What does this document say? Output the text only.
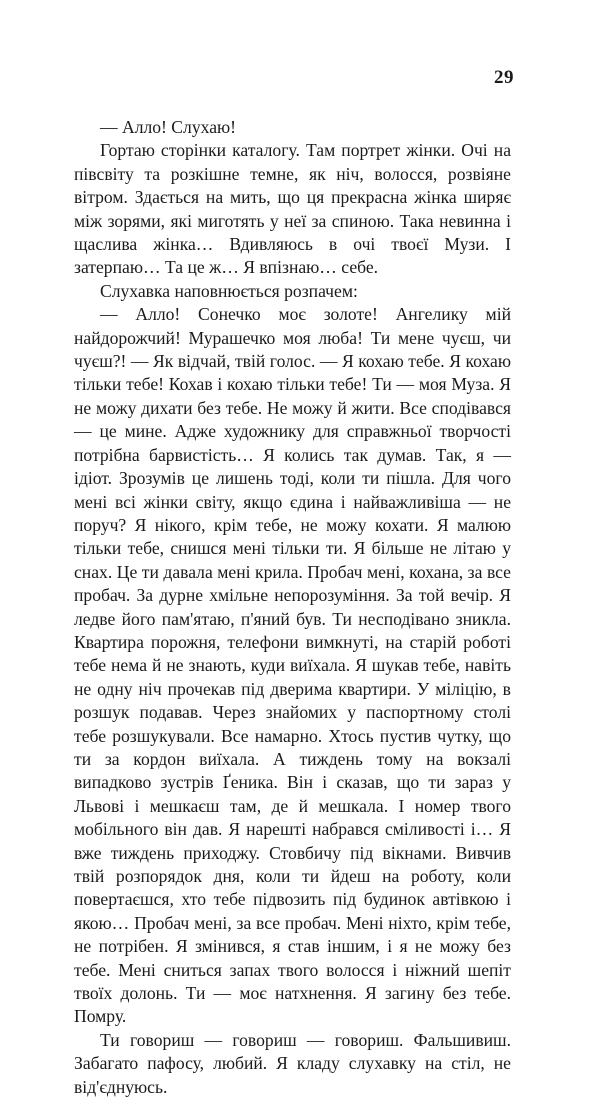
29

— Алло! Слухаю!

Гортаю сторінки каталогу. Там портрет жінки. Очі на півсвіту та розкішне темне, як ніч, волосся, розвіяне вітром. Здається на мить, що ця прекрасна жінка ширяє між зорями, які миготять у неї за спиною. Така невинна і щаслива жінка… Вдивляюсь в очі твоєї Музи. І затерпаю… Та це ж… Я впізнаю… себе.

Слухавка наповнюється розпачем:

— Алло! Сонечко моє золоте! Ангелику мій найдорожчий! Мурашечко моя люба! Ти мене чуєш, чи чуєш?! — Як відчай, твій голос. — Я кохаю тебе. Я кохаю тільки тебе! Кохав і кохаю тільки тебе! Ти — моя Муза. Я не можу дихати без тебе. Не можу й жити. Все сподівався — це мине. Адже художнику для справжньої творчості потрібна барвистість… Я колись так думав. Так, я — ідіот. Зрозумів це лишень тоді, коли ти пішла. Для чого мені всі жінки світу, якщо єдина і найважливіша — не поруч? Я нікого, крім тебе, не можу кохати. Я малюю тільки тебе, снишся мені тільки ти. Я більше не літаю у снах. Це ти давала мені крила. Пробач мені, кохана, за все пробач. За дурне хмільне непорозуміння. За той вечір. Я ледве його пам'ятаю, п'яний був. Ти несподівано зникла. Квартира порожня, телефони вимкнуті, на старій роботі тебе нема й не знають, куди виїхала. Я шукав тебе, навіть не одну ніч прочекав під дверима квартири. У міліцію, в розшук подавав. Через знайомих у паспортному столі тебе розшукували. Все намарно. Хтось пустив чутку, що ти за кордон виїхала. А тиждень тому на вокзалі випадково зустрів Ґеника. Він і сказав, що ти зараз у Львові і мешкаєш там, де й мешкала. І номер твого мобільного він дав. Я нарешті набрався сміливості і… Я вже тиждень приходжу. Стовбичу під вікнами. Вивчив твій розпорядок дня, коли ти йдеш на роботу, коли повертаєшся, хто тебе підвозить під будинок автівкою і якою… Пробач мені, за все пробач. Мені ніхто, крім тебе, не потрібен. Я змінився, я став іншим, і я не можу без тебе. Мені сниться запах твого волосся і ніжний шепіт твоїх долонь. Ти — моє натхнення. Я загину без тебе. Помру.

Ти говориш — говориш — говориш. Фальшивиш. Забагато пафосу, любий. Я кладу слухавку на стіл, не від'єднуюсь.
